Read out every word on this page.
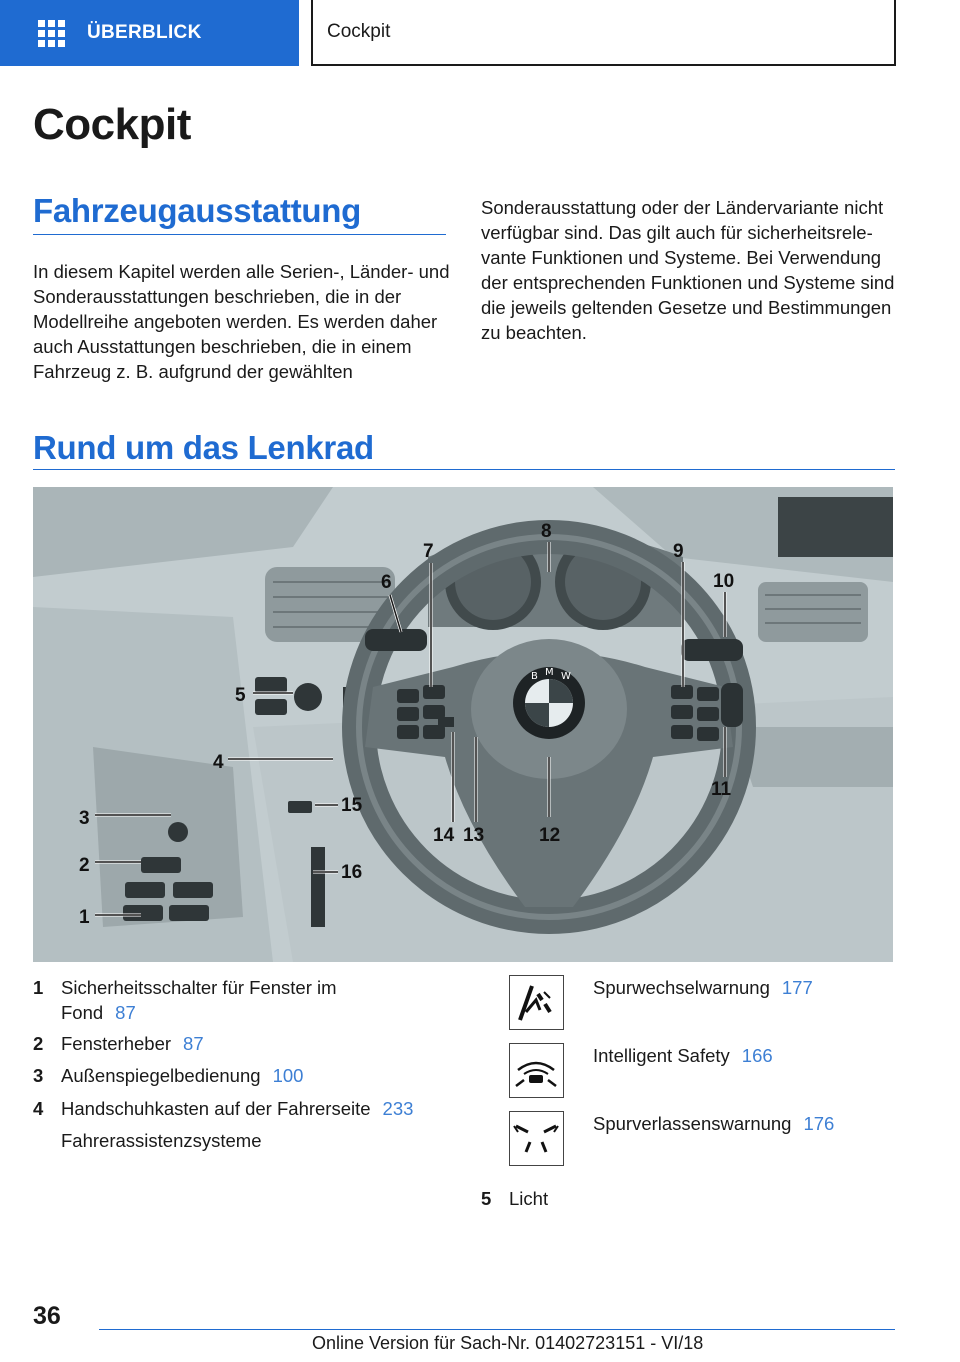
ÜBERBLICK	Cockpit
Cockpit
Fahrzeugausstattung
In diesem Kapitel werden alle Serien-, Länder- und Sonderausstattungen beschrieben, die in der Modellreihe angeboten werden. Es werden daher auch Ausstattungen beschrieben, die in einem Fahrzeug z. B. aufgrund der gewählten
Sonderausstattung oder der Ländervariante nicht verfügbar sind. Das gilt auch für sicherheitsrelevante Funktionen und Systeme. Bei Verwendung der entsprechenden Funktionen und Systeme sind die jeweils geltenden Gesetze und Bestimmungen zu beachten.
Rund um das Lenkrad
B M W
1
2
3
4
5
6
7
8
9
10
11
12
13
14
15
16
1 Sicherheitsschalter für Fenster im
Fond 87
2 Fensterheber 87
3 Außenspiegelbedienung 100
4 Handschuhkasten auf der Fahrerseite 233
Fahrerassistenzsysteme
Spurwechselwarnung 177
Intelligent Safety 166
Spurverlassenswarnung 176
5 Licht
36
Online Version für Sach-Nr. 01402723151 - VI/18
